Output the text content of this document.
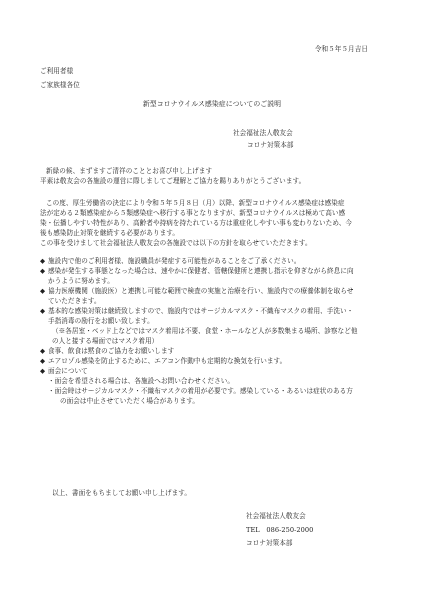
令和５年５月吉日
ご利用者様
ご家族様各位
新型コロナウイルス感染症についてのご説明
社会福祉法人敬友会
コロナ対策本部

新緑の候、まずますご清祥のこととお喜び申し上げます

平素は敬友会の各施設の運営に際しましてご理解とご協力を賜りありがとうございます。

この度、厚生労働省の決定により令和５年５月８日（月）以降、新型コロナウイルス感染症は感染症

法が定める２類感染症から５類感染症へ移行する事となりますが、新型コロナウイルスは極めて高い感

染・伝播しやすい特性があり、高齢者や持病を持たれている方は重症化しやすい事も変わりないため、今

後も感染防止対策を継続する必要があります。

この事を受けまして社会福祉法人敬友会の各施設では以下の方針を取らせていただきます。

◆ 施設内で他のご利用者様、施設職員が発症する可能性があることをご了承ください。
◆ 感染が発生する事態となった場合は、速やかに保健者、管轄保健所と連携し指示を仰ぎながら終息に向
かうように努めます。
◆ 協力医療機関（施設医）と連携し可能な範囲で検査の実施と治療を行い、施設内での療養体制を取らせ
ていただきます。
◆ 基本的な感染対策は継続致しますので、施設内ではサージカルマスク・不織布マスクの着用、手洗い・
手指消毒の励行をお願い致します。

（※各居室・ベッド上などではマスク着用は不要、食堂・ホールなど人が多数集まる場所、診察など他

の人と接する場面ではマスク着用）

◆ 食事、飲食は黙食のご協力をお願いします
◆ エアロゾル感染を防止するために、エアコン作動中も定期的な換気を行います。
◆ 面会について

・面会を希望される場合は、各施設へお問い合わせください。

・面会時はサージカルマスク・不織布マスクの着用が必要です。感染している・あるいは症状のある方

の面会は中止させていただく場合があります。

以上、書面をもちましてお願い申し上げます。
社会福祉法人敬友会
TEL　086-250-2000
コロナ対策本部
